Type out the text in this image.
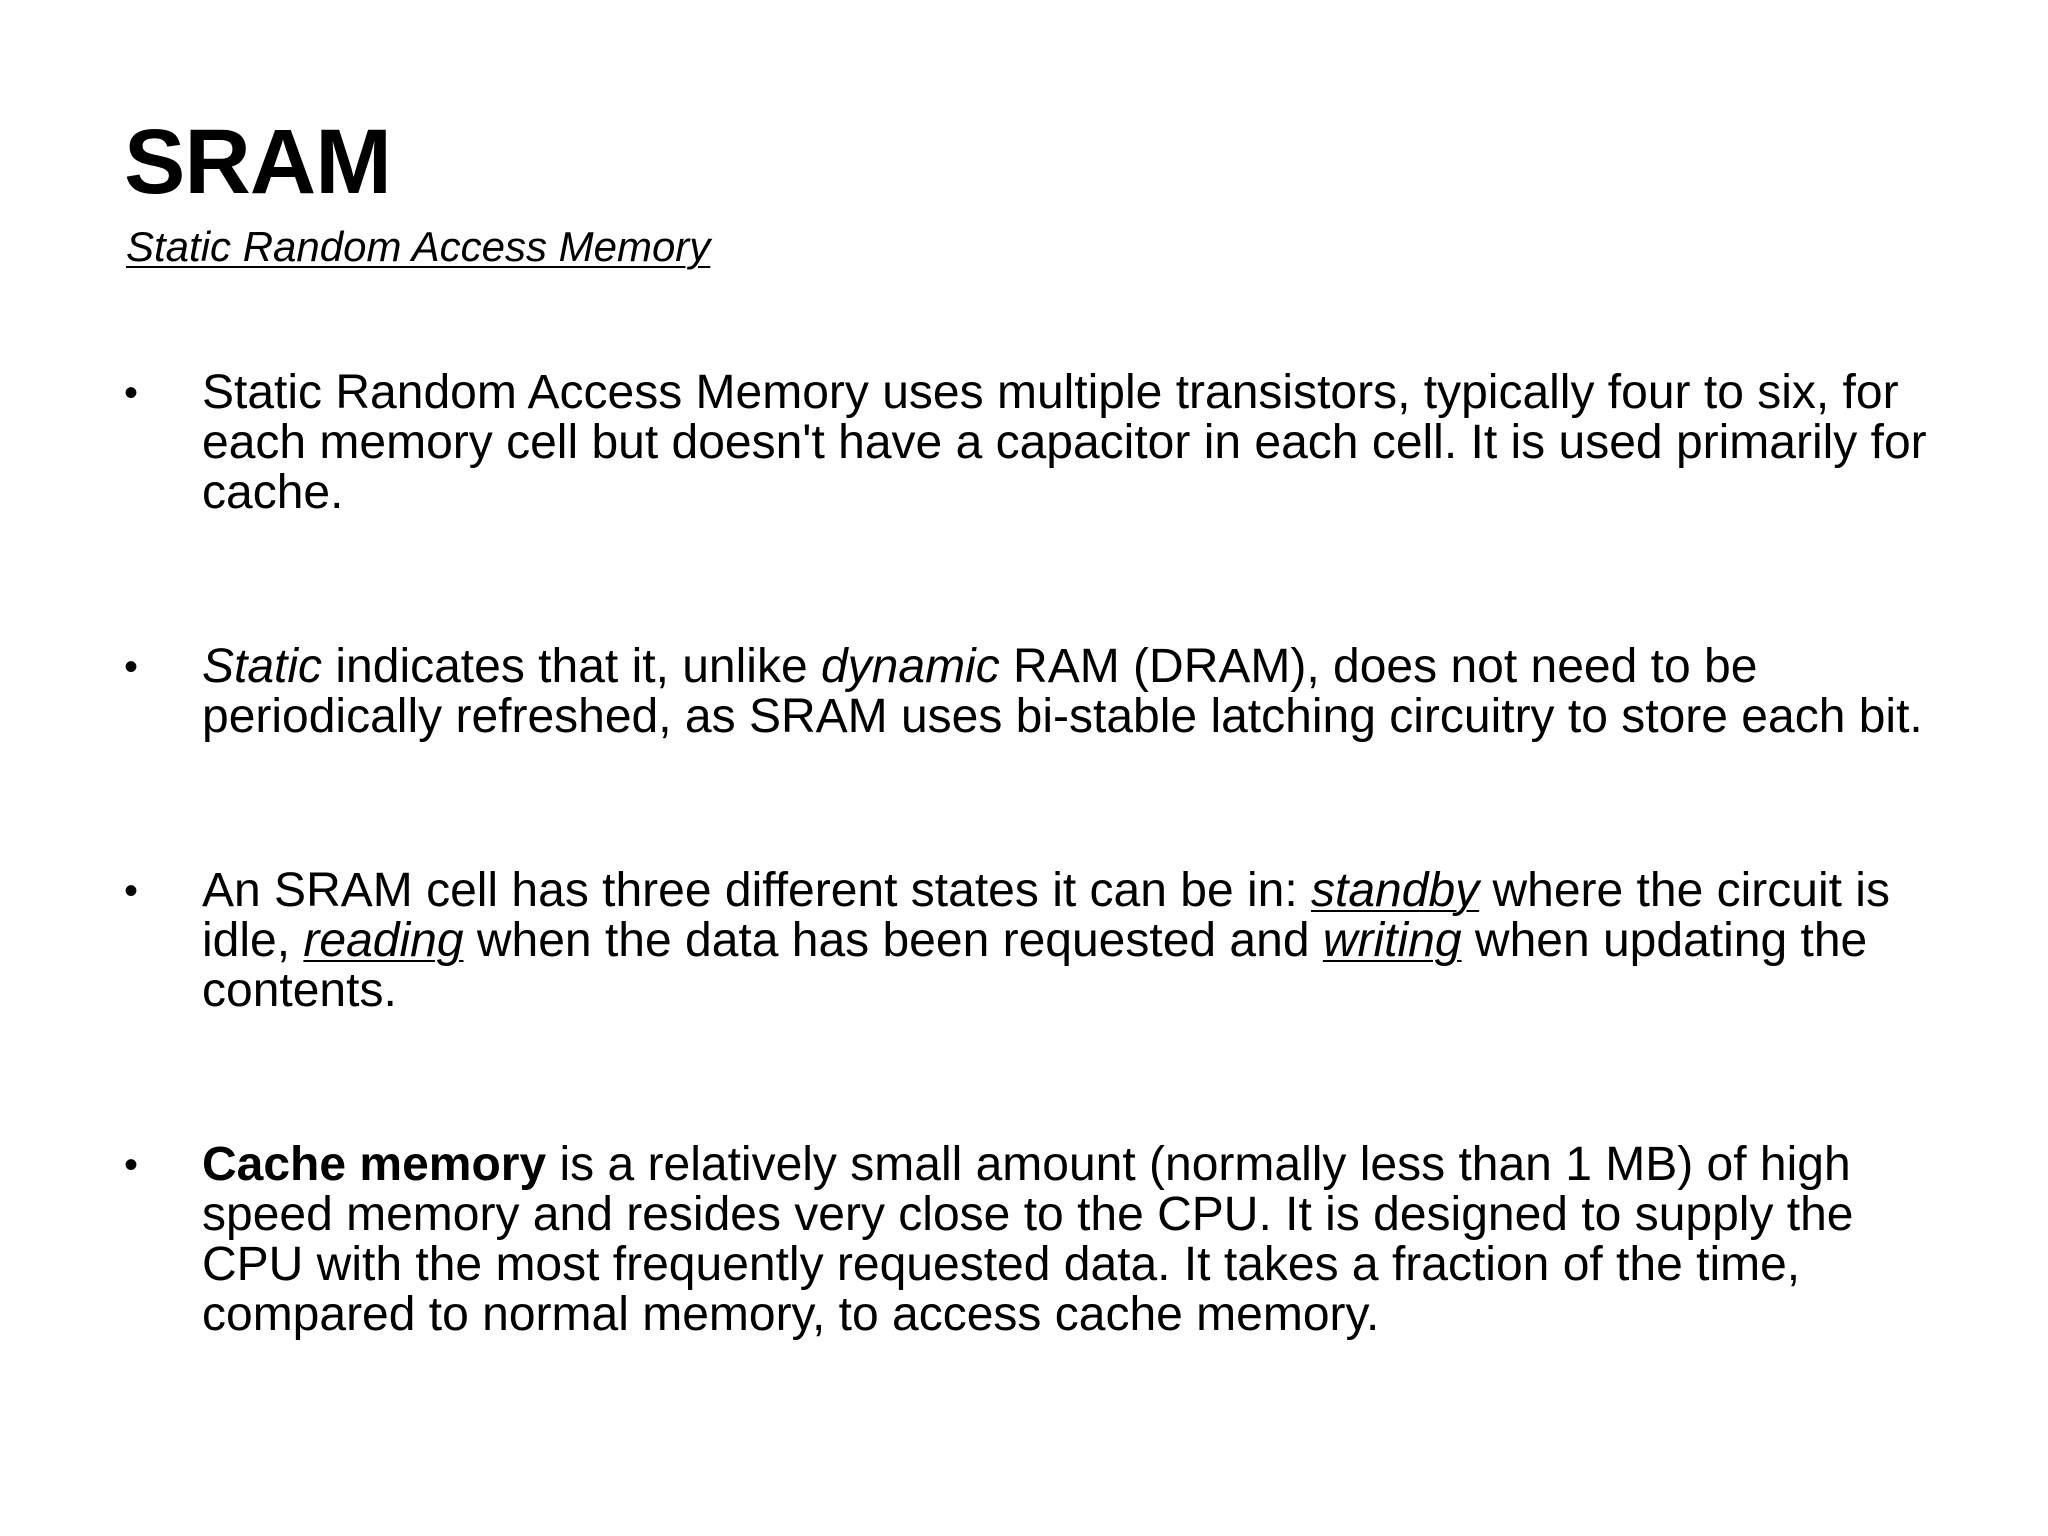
SRAM

Static Random Access Memory

• Static Random Access Memory uses multiple transistors, typically four to six, for each memory cell but doesn't have a capacitor in each cell. It is used primarily for cache.
• Static indicates that it, unlike dynamic RAM (DRAM), does not need to be periodically refreshed, as SRAM uses bi-stable latching circuitry to store each bit.
• An SRAM cell has three different states it can be in: standby where the circuit is idle, reading when the data has been requested and writing when updating the contents.
• Cache memory is a relatively small amount (normally less than 1 MB) of high speed memory and resides very close to the CPU. It is designed to supply the CPU with the most frequently requested data. It takes a fraction of the time, compared to normal memory, to access cache memory.
